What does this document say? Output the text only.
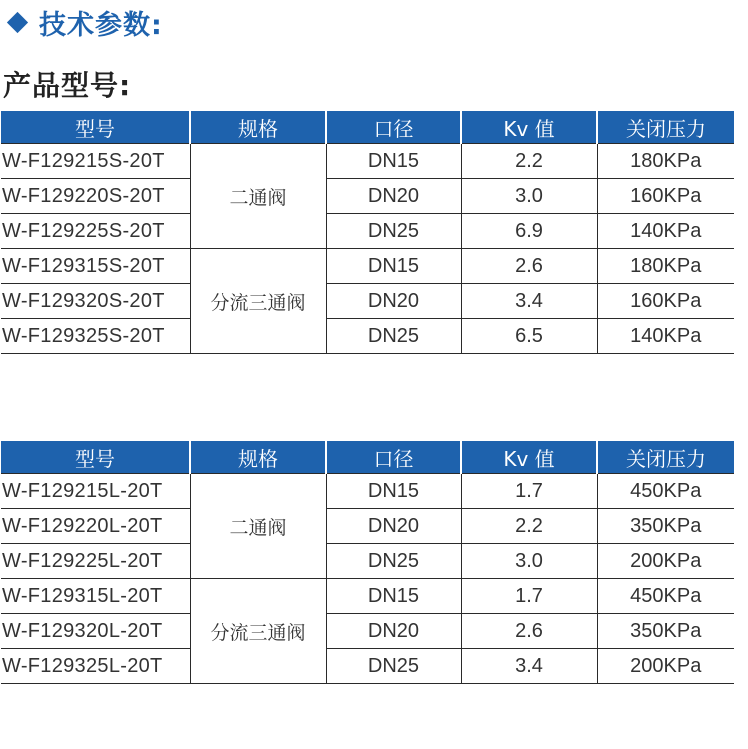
技术参数:
产品型号:
型号	规格	口径	Kv 值	关闭压力
W-F129215S-20T	二通阀	DN15	2.2	180KPa
W-F129220S-20T		DN20	3.0	160KPa
W-F129225S-20T		DN25	6.9	140KPa
W-F129315S-20T	分流三通阀	DN15	2.6	180KPa
W-F129320S-20T		DN20	3.4	160KPa
W-F129325S-20T		DN25	6.5	140KPa
型号	规格	口径	Kv 值	关闭压力
W-F129215L-20T	二通阀	DN15	1.7	450KPa
W-F129220L-20T		DN20	2.2	350KPa
W-F129225L-20T		DN25	3.0	200KPa
W-F129315L-20T	分流三通阀	DN15	1.7	450KPa
W-F129320L-20T		DN20	2.6	350KPa
W-F129325L-20T		DN25	3.4	200KPa
